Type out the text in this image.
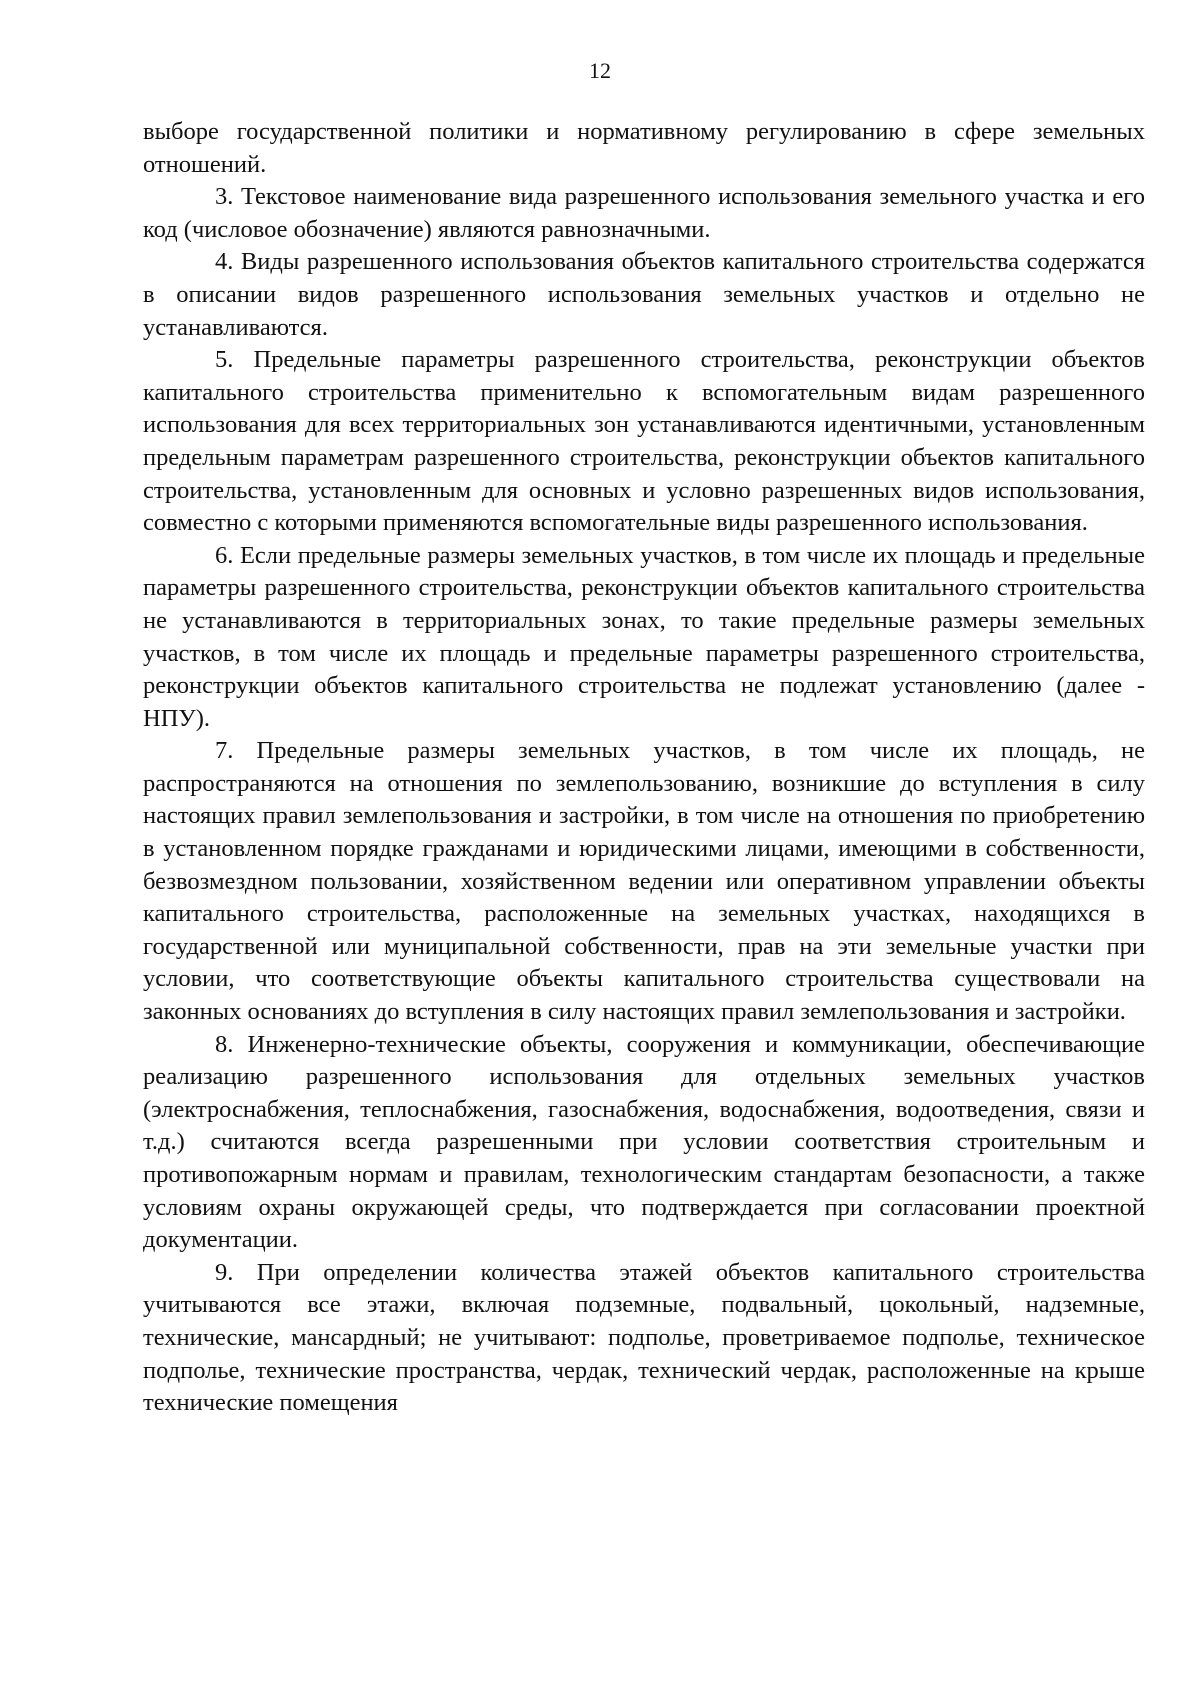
12

выборе государственной политики и нормативному регулированию в сфере земельных отношений.

3. Текстовое наименование вида разрешенного использования земельного участка и его код (числовое обозначение) являются равнозначными.

4. Виды разрешенного использования объектов капитального строительства содержатся в описании видов разрешенного использования земельных участков и отдельно не устанавливаются.

5. Предельные параметры разрешенного строительства, реконструкции объектов капитального строительства применительно к вспомогательным видам разрешенного использования для всех территориальных зон устанавливаются идентичными, установленным предельным параметрам разрешенного строительства, реконструкции объектов капитального строительства, установленным для основных и условно разрешенных видов использования, совместно с которыми применяются вспомогательные виды разрешенного использования.

6. Если предельные размеры земельных участков, в том числе их площадь и предельные параметры разрешенного строительства, реконструкции объектов капитального строительства не устанавливаются в территориальных зонах, то такие предельные размеры земельных участков, в том числе их площадь и предельные параметры разрешенного строительства, реконструкции объектов капитального строительства не подлежат установлению (далее - НПУ).

7. Предельные размеры земельных участков, в том числе их площадь, не распространяются на отношения по землепользованию, возникшие до вступления в силу настоящих правил землепользования и застройки, в том числе на отношения по приобретению в установленном порядке гражданами и юридическими лицами, имеющими в собственности, безвозмездном пользовании, хозяйственном ведении или оперативном управлении объекты капитального строительства, расположенные на земельных участках, находящихся в государственной или муниципальной собственности, прав на эти земельные участки при условии, что соответствующие объекты капитального строительства существовали на законных основаниях до вступления в силу настоящих правил землепользования и застройки.

8. Инженерно-технические объекты, сооружения и коммуникации, обеспечивающие реализацию разрешенного использования для отдельных земельных участков (электроснабжения, теплоснабжения, газоснабжения, водоснабжения, водоотведения, связи и т.д.) считаются всегда разрешенными при условии соответствия строительным и противопожарным нормам и правилам, технологическим стандартам безопасности, а также условиям охраны окружающей среды, что подтверждается при согласовании проектной документации.

9. При определении количества этажей объектов капитального строительства учитываются все этажи, включая подземные, подвальный, цокольный, надземные, технические, мансардный; не учитывают: подполье, проветриваемое подполье, техническое подполье, технические пространства, чердак, технический чердак, расположенные на крыше технические помещения
